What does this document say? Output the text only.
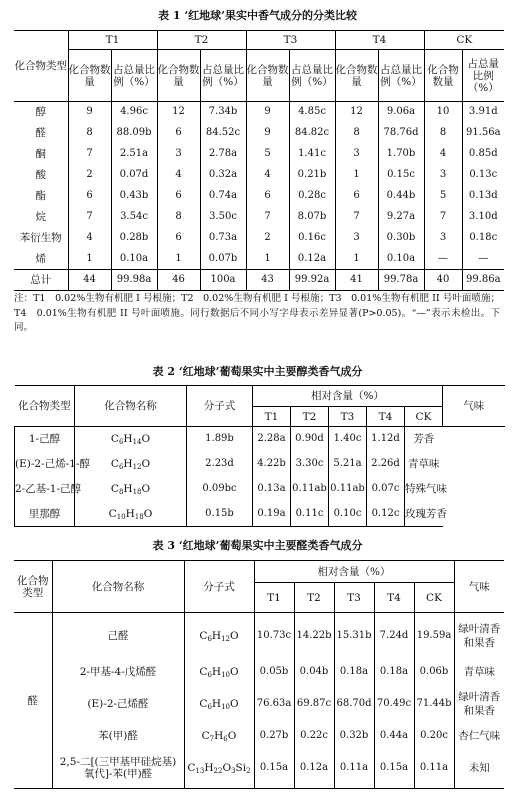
表 1 ‘红地球’果实中香气成分的分类比较
化合物类型	T1		T2		T3		T4		CK	
	化合物数量	占总量比例（%）	化合物数量	占总量比例（%）	化合物数量	占总量比例（%）	化合物数量	占总量比例（%）	化合物数量	占总量比例（%）
醇	9	4.96c	12	7.34b	9	4.85c	12	9.06a	10	3.91d
醛	8	88.09b	6	84.52c	9	84.82c	8	78.76d	8	91.56a
酮	7	2.51a	3	2.78a	5	1.41c	3	1.70b	4	0.85d
酸	2	0.07d	4	0.32a	4	0.21b	1	0.15c	3	0.13c
酯	6	0.43b	6	0.74a	6	0.28c	6	0.44b	5	0.13d
烷	7	3.54c	8	3.50c	7	8.07b	7	9.27a	7	3.10d
苯衍生物	4	0.28b	6	0.73a	2	0.16c	3	0.30b	3	0.18c
烯	1	0.10a	1	0.07b	1	0.12a	1	0.10a	—	—
总计	44	99.98a	46	100a	43	99.92a	41	99.78a	40	99.86a
注：T1　0.02%生物有机肥 I 号根施；T2　0.02%生物有机肥 I 号根施；T3　0.01%生物有机肥 II 号叶面喷施；T4　0.01%生物有机肥 II 号叶面喷施。同行数据后不同小写字母表示差异显著(P>0.05)。“—”表示未检出。下同。
表 2 ‘红地球’葡萄果实中主要醇类香气成分
化合物类型	化合物名称	分子式	相对含量（%）					气味
			T1	T2	T3	T4	CK	
1-己醇	$C_6H_{14}O$	1.89b	2.28a	0.90d	1.40c	1.12d	芳香	
(E)-2-己烯-1-醇	$C_6H_{12}O$	2.23d	4.22b	3.30c	5.21a	2.26d	青草味	
2-乙基-1-己醇	$C_8H_{18}O$	0.09bc	0.13a	0.11ab	0.11ab	0.07c	特殊气味	
里那醇	$C_{10}H_{18}O$	0.15b	0.19a	0.11c	0.10c	0.12c	玫瑰芳香	
表 3 ‘红地球’葡萄果实中主要醛类香气成分
化合物类型	化合物名称	分子式	相对含量（%）					气味
			T1	T2	T3	T4	CK	
醛	己醛	$C_6H_{12}O$	10.73c	14.22b	15.31b	7.24d	19.59a	绿叶清香和果香
	2-甲基-4-戊烯醛	$C_6H_{10}O$	0.05b	0.04b	0.18a	0.18a	0.06b	青草味
	(E)-2-己烯醛	$C_6H_{10}O$	76.63a	69.87c	68.70d	70.49c	71.44b	绿叶清香和果香
	苯(甲)醛	$C_7H_6O$	0.27b	0.22c	0.32b	0.44a	0.20c	杏仁气味
	2,5-二[(三甲基甲硅烷基)氧代]-苯(甲)醛	$C_{13}H_{22}O_3Si_2$	0.15a	0.12a	0.11a	0.15a	0.11a	未知
